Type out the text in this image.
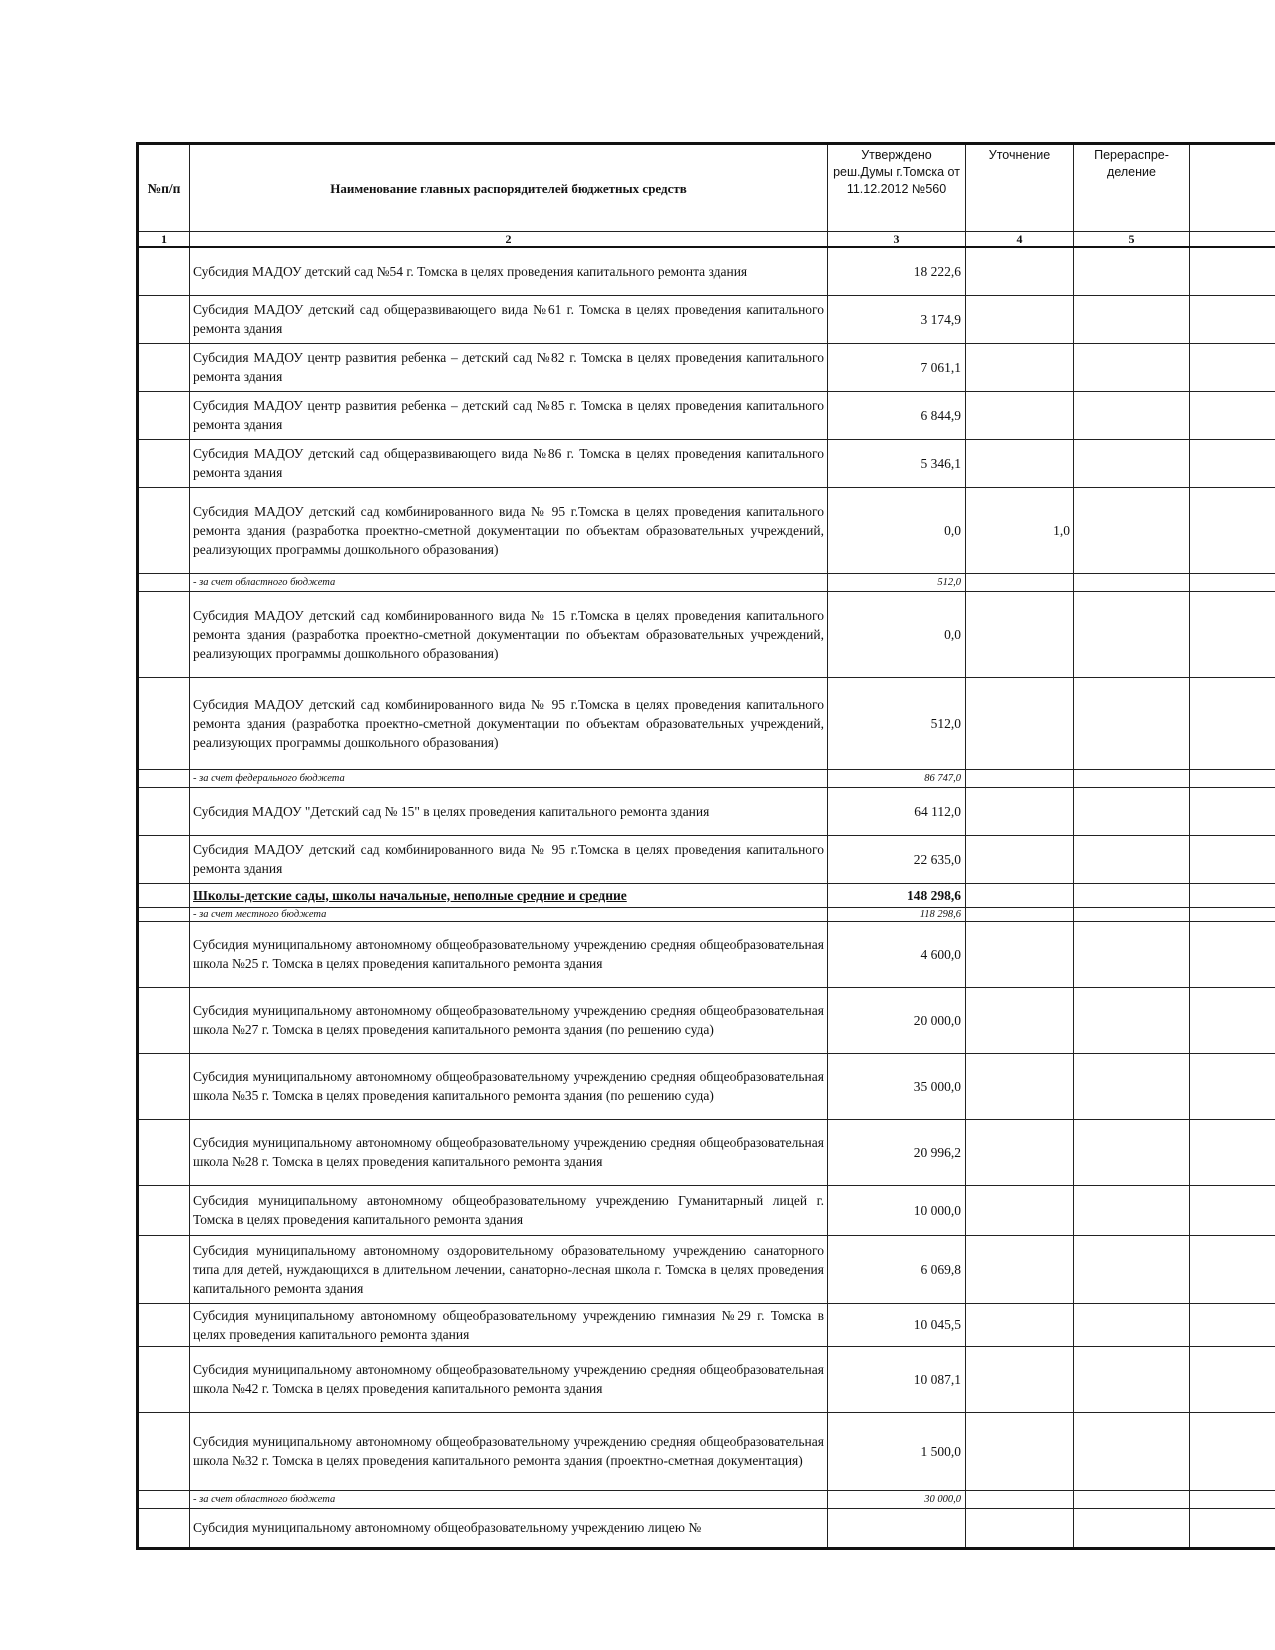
№п/п	Наименование главных распорядителей бюджетных средств	Утверждено реш.Думы г.Томска от 11.12.2012 №560	Уточнение	Перераспре-деление	
1	2	3	4	5	
	Субсидия МАДОУ детский сад №54 г. Томска в целях проведения капитального ремонта здания	18 222,6			
	Субсидия МАДОУ детский сад общеразвивающего вида №61 г. Томска в целях проведения капитального ремонта здания	3 174,9			
	Субсидия МАДОУ центр развития ребенка – детский сад №82 г. Томска в целях проведения капитального ремонта здания	7 061,1			
	Субсидия МАДОУ центр развития ребенка – детский сад №85 г. Томска в целях проведения капитального ремонта здания	6 844,9			
	Субсидия МАДОУ детский сад общеразвивающего вида №86 г. Томска в целях проведения капитального ремонта здания	5 346,1			
	Субсидия МАДОУ детский сад комбинированного вида № 95 г.Томска в целях проведения капитального ремонта здания (разработка проектно-сметной документации по объектам образовательных учреждений, реализующих программы дошкольного образования)	0,0	1,0		
	- за счет областного бюджета	512,0			
	Субсидия МАДОУ детский сад комбинированного вида № 15 г.Томска в целях проведения капитального ремонта здания (разработка проектно-сметной документации по объектам образовательных учреждений, реализующих программы дошкольного образования)	0,0			
	Субсидия МАДОУ детский сад комбинированного вида № 95 г.Томска в целях проведения капитального ремонта здания (разработка проектно-сметной документации по объектам образовательных учреждений, реализующих программы дошкольного образования)	512,0			
	- за счет федерального бюджета	86 747,0			
	Субсидия МАДОУ "Детский сад № 15" в целях проведения капитального ремонта здания	64 112,0			
	Субсидия МАДОУ детский сад комбинированного вида № 95 г.Томска в целях проведения капитального ремонта здания	22 635,0			
	Школы-детские сады, школы начальные, неполные средние и средние	148 298,6			
	- за счет местного бюджета	118 298,6			
	Субсидия муниципальному автономному общеобразовательному учреждению средняя общеобразовательная школа №25 г. Томска в целях проведения капитального ремонта здания	4 600,0			
	Субсидия муниципальному автономному общеобразовательному учреждению средняя общеобразовательная школа №27 г. Томска в целях проведения капитального ремонта здания (по решению суда)	20 000,0			
	Субсидия муниципальному автономному общеобразовательному учреждению средняя общеобразовательная школа №35 г. Томска в целях проведения капитального ремонта здания (по решению суда)	35 000,0			
	Субсидия муниципальному автономному общеобразовательному учреждению средняя общеобразовательная школа №28 г. Томска в целях проведения капитального ремонта здания	20 996,2			
	Субсидия муниципальному автономному общеобразовательному учреждению Гуманитарный лицей г. Томска в целях проведения капитального ремонта здания	10 000,0			
	Субсидия муниципальному автономному оздоровительному образовательному учреждению санаторного типа для детей, нуждающихся в длительном лечении, санаторно-лесная школа г. Томска в целях проведения капитального ремонта здания	6 069,8			
	Субсидия муниципальному автономному общеобразовательному учреждению гимназия №29 г. Томска в целях проведения капитального ремонта здания	10 045,5			
	Субсидия муниципальному автономному общеобразовательному учреждению средняя общеобразовательная школа №42 г. Томска в целях проведения капитального ремонта здания	10 087,1			
	Субсидия муниципальному автономному общеобразовательному учреждению средняя общеобразовательная школа №32 г. Томска в целях проведения капитального ремонта здания (проектно-сметная документация)	1 500,0			
	- за счет областного бюджета	30 000,0			
	Субсидия муниципальному автономному общеобразовательному учреждению лицею №				
